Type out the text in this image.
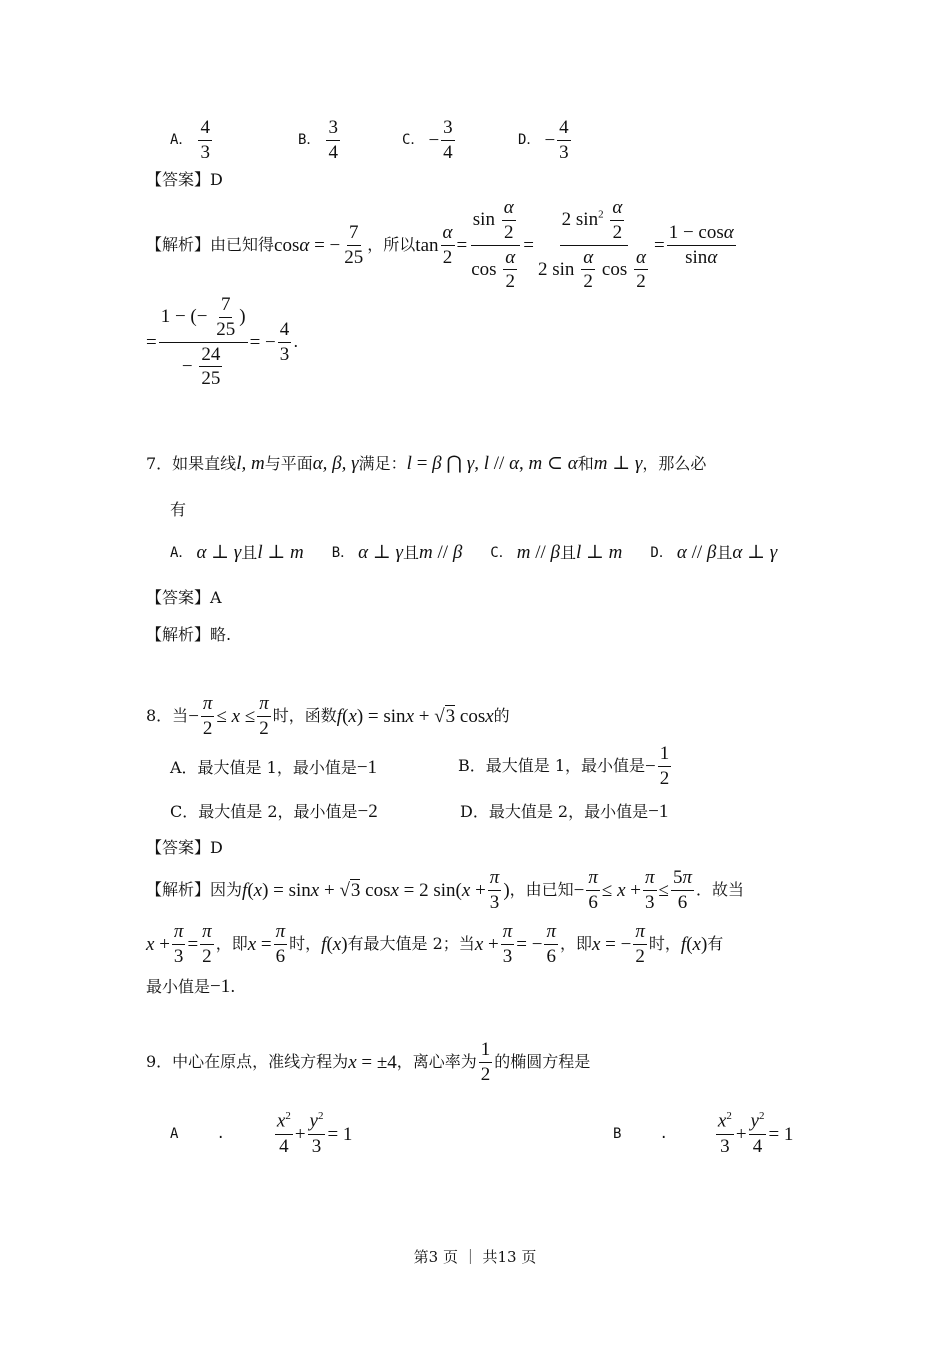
A． $\frac{4}{3}$	B． $\frac{3}{4}$	C． − $\frac{3}{4}$	D． − $\frac{4}{3}$
【答案】D
【解析】 由已知得 cosα = − $\frac{7}{25}$ ，所以 $\tan \frac{\alpha}{2} = \frac{\sin \frac{\alpha}{2}}{\cos \frac{\alpha}{2}} = \frac{2 \sin^2 \frac{\alpha}{2}}{2 \sin \frac{\alpha}{2} \cos \frac{\alpha}{2}} = \frac{1 - \cos\alpha}{\sin\alpha}$
= $\frac{1 - (- \frac{7}{25} )}{- \frac{24}{25}}$ = − $\frac{4}{3}$ .
7．如果直线 l, m 与平面 α, β, γ 满足： l = β ⋂ γ, l // α, m ⊂ α 和 m ⊥ γ ，那么必
有
A． α ⊥ γ 且 l ⊥ m B． α ⊥ γ 且 m // β C． m // β 且 l ⊥ m D． α // β 且 α ⊥ γ
【答案】A
【解析】略.
8．当 − $\frac{\pi}{2} \le x \le \frac{\pi}{2}$ 时，函数 f(x) = sinx + √3 cosx 的
A．最大值是 1，最小值是−1	B．最大值是 1，最小值是 − $\frac{1}{2}$
C．最大值是 2，最小值是−2	D．最大值是 2，最小值是−1
【答案】D
【解析】 因为 f(x) = sinx + √3 cosx = 2 $\sin(x + \frac{\pi}{3}$ ) ，由已知 − $\frac{\pi}{6} \le x + \frac{\pi}{3} \le \frac{5\pi}{6}$ ．故当
$x + \frac{\pi}{3} = \frac{\pi}{2}$ ，即 $x = \frac{\pi}{6}$ 时， f(x) 有最大值是 2；当 $x + \frac{\pi}{3}$ = − $\frac{\pi}{6}$ ，即 x = − $\frac{\pi}{2}$ 时， f(x) 有
最小值是−1.
9．中心在原点，准线方程为 x = ±4 ，离心率为 $\frac{1}{2}$ 的椭圆方程是
A	.	$\frac{x^2}{4} + \frac{y^2}{3} = 1$	B	.	$\frac{x^2}{3} + \frac{y^2}{4} = 1$
第3 页 ｜ 共13 页
